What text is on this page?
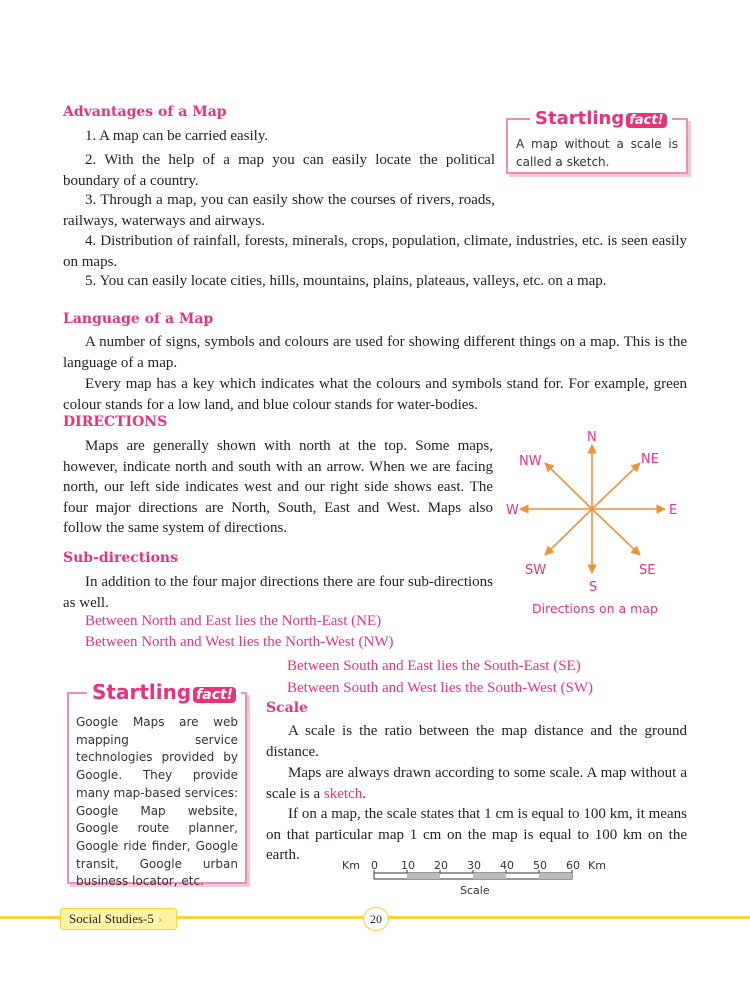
Advantages of a Map

1. A map can be carried easily.

2. With the help of a map you can easily locate the political boundary of a country.

3. Through a map, you can easily show the courses of rivers, roads, railways, waterways and airways.

4. Distribution of rainfall, forests, minerals, crops, population, climate, industries, etc. is seen easily on maps.

5. You can easily locate cities, hills, mountains, plains, plateaus, valleys, etc. on a map.

Startling fact!

A map without a scale is called a sketch.

Language of a Map

A number of signs, symbols and colours are used for showing different things on a map. This is the language of a map.

Every map has a key which indicates what the colours and symbols stand for. For example, green colour stands for a low land, and blue colour stands for water-bodies.

DIRECTIONS

Maps are generally shown with north at the top. Some maps, however, indicate north and south with an arrow. When we are facing north, our left side indicates west and our right side shows east. The four major directions are North, South, East and West. Maps also follow the same system of directions.

N
S
E
W
NE
NW
SE
SW
Directions on a map
Sub-directions

In addition to the four major directions there are four sub-directions as well.

Between North and East lies the North-East (NE)
Between North and West lies the North-West (NW)
Between South and East lies the South-East (SE)
Between South and West lies the South-West (SW)
Startling fact!

Google Maps are web mapping service technologies provided by Google. They provide many map-based services: Google Map website, Google route planner, Google ride finder, Google transit, Google urban business locator, etc.

Scale

A scale is the ratio between the map distance and the ground distance.

Maps are always drawn according to some scale. A map without a scale is a sketch.

If on a map, the scale states that 1 cm is equal to 100 km, it means on that particular map 1 cm on the map is equal to 100 km on the earth.

Km	Km
0 10 20 30 40 50 60
Scale
Social Studies-5 ›	20
